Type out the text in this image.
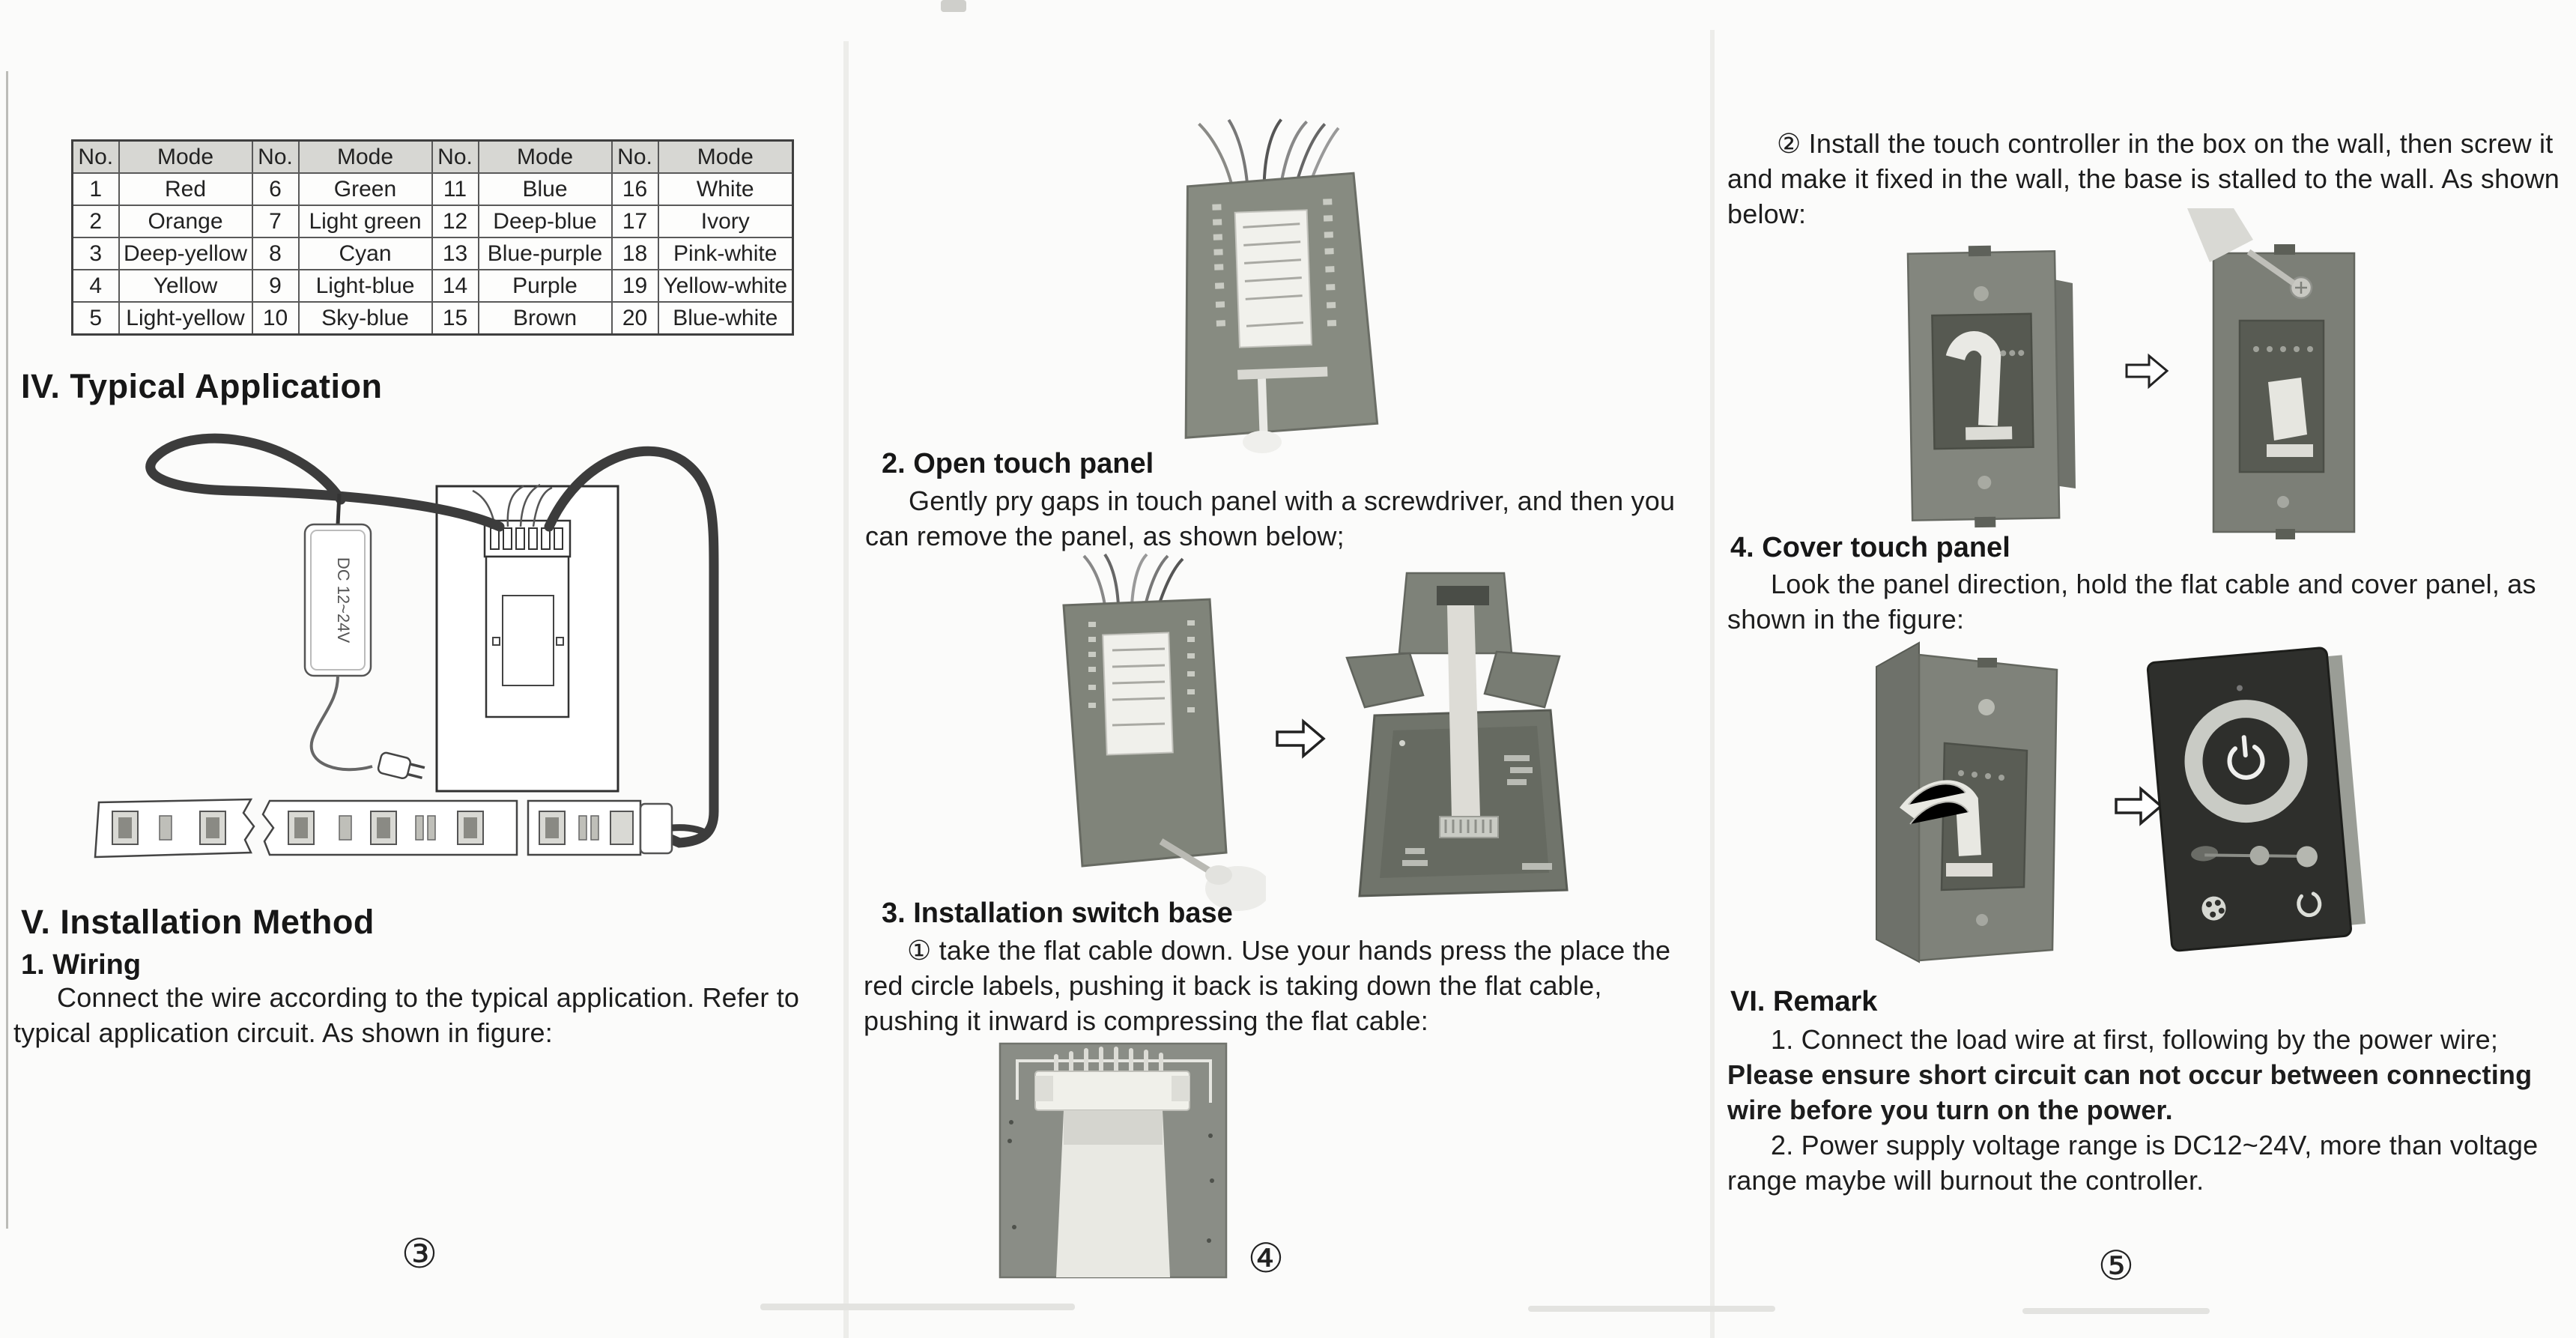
No.	Mode	No.	Mode	No.	Mode	No.	Mode
1	Red	6	Green	11	Blue	16	White
2	Orange	7	Light green	12	Deep-blue	17	Ivory
3	Deep-yellow	8	Cyan	13	Blue-purple	18	Pink-white
4	Yellow	9	Light-blue	14	Purple	19	Yellow-white
5	Light-yellow	10	Sky-blue	15	Brown	20	Blue-white
IV. Typical Application
DC 12~24V
V. Installation Method
1. Wiring
Connect the wire according to the typical application. Refer to typical application circuit. As shown in figure:
③
2. Open touch panel
Gently pry gaps in touch panel with a screwdriver, and then you can remove the panel, as shown below;
3. Installation switch base
① take the flat cable down. Use your hands press the place the red circle labels, pushing it back is taking down the flat cable, pushing it inward is compressing the flat cable:
④
② Install the touch controller in the box on the wall, then screw it and make it fixed in the wall, the base is stalled to the wall. As shown below:
4. Cover touch panel
Look the panel direction, hold the flat cable and cover panel, as shown in the figure:
VI. Remark
1. Connect the load wire at first, following by the power wire;
Please ensure short circuit can not occur between connecting wire before you turn on the power.
2. Power supply voltage range is DC12~24V, more than voltage range maybe will burnout the controller.
⑤
